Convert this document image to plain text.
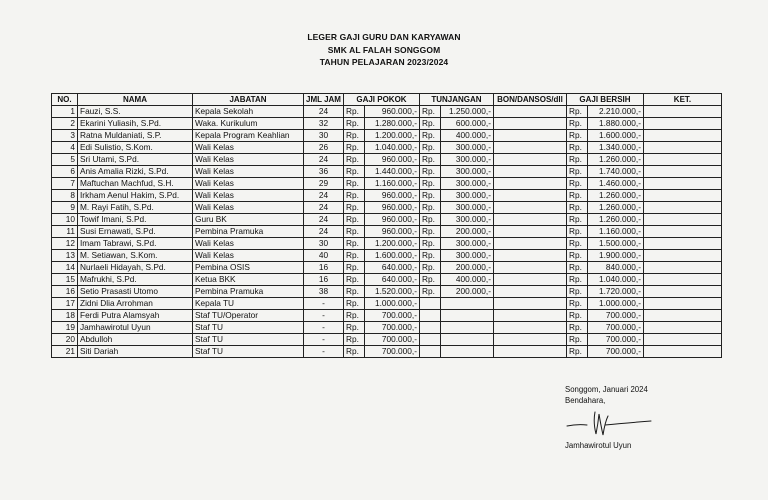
LEGER GAJI GURU DAN KARYAWAN
SMK AL FALAH SONGGOM
TAHUN PELAJARAN 2023/2024
NO.	NAMA	JABATAN	JML JAM	GAJI POKOK		TUNJANGAN		BON/DANSOS/dll	GAJI BERSIH		KET.
1	Fauzi, S.S.	Kepala Sekolah	24	Rp.	960.000,-	Rp.	1.250.000,-		Rp.	2.210.000,-	
2	Ekarini Yuliasih, S.Pd.	Waka. Kurikulum	32	Rp.	1.280.000,-	Rp.	600.000,-		Rp.	1.880.000,-	
3	Ratna Muldaniati, S.P.	Kepala Program Keahlian	30	Rp.	1.200.000,-	Rp.	400.000,-		Rp.	1.600.000,-	
4	Edi Sulistio, S.Kom.	Wali Kelas	26	Rp.	1.040.000,-	Rp.	300.000,-		Rp.	1.340.000,-	
5	Sri Utami, S.Pd.	Wali Kelas	24	Rp.	960.000,-	Rp.	300.000,-		Rp.	1.260.000,-	
6	Anis Amalia Rizki, S.Pd.	Wali Kelas	36	Rp.	1.440.000,-	Rp.	300.000,-		Rp.	1.740.000,-	
7	Maftuchan Machfud, S.H.	Wali Kelas	29	Rp.	1.160.000,-	Rp.	300.000,-		Rp.	1.460.000,-	
8	Irkham Aenul Hakim, S.Pd.	Wali Kelas	24	Rp.	960.000,-	Rp.	300.000,-		Rp.	1.260.000,-	
9	M. Rayi Fatih, S.Pd.	Wali Kelas	24	Rp.	960.000,-	Rp.	300.000,-		Rp.	1.260.000,-	
10	Towif Imani, S.Pd.	Guru BK	24	Rp.	960.000,-	Rp.	300.000,-		Rp.	1.260.000,-	
11	Susi Ernawati, S.Pd.	Pembina Pramuka	24	Rp.	960.000,-	Rp.	200.000,-		Rp.	1.160.000,-	
12	Imam Tabrawi, S.Pd.	Wali Kelas	30	Rp.	1.200.000,-	Rp.	300.000,-		Rp.	1.500.000,-	
13	M. Setiawan, S.Kom.	Wali Kelas	40	Rp.	1.600.000,-	Rp.	300.000,-		Rp.	1.900.000,-	
14	Nurlaeli Hidayah, S.Pd.	Pembina OSIS	16	Rp.	640.000,-	Rp.	200.000,-		Rp.	840.000,-	
15	Mafrukhi, S.Pd.	Ketua BKK	16	Rp.	640.000,-	Rp.	400.000,-		Rp.	1.040.000,-	
16	Setio Prasasti Utomo	Pembina Pramuka	38	Rp.	1.520.000,-	Rp.	200.000,-		Rp.	1.720.000,-	
17	Zidni Dlia Arrohman	Kepala TU	-	Rp.	1.000.000,-				Rp.	1.000.000,-	
18	Ferdi Putra Alamsyah	Staf TU/Operator	-	Rp.	700.000,-				Rp.	700.000,-	
19	Jamhawirotul Uyun	Staf TU	-	Rp.	700.000,-				Rp.	700.000,-	
20	Abdulloh	Staf TU	-	Rp.	700.000,-				Rp.	700.000,-	
21	Siti Dariah	Staf TU	-	Rp.	700.000,-				Rp.	700.000,-	
Songgom, Januari 2024
Bendahara,
Jamhawirotul Uyun
